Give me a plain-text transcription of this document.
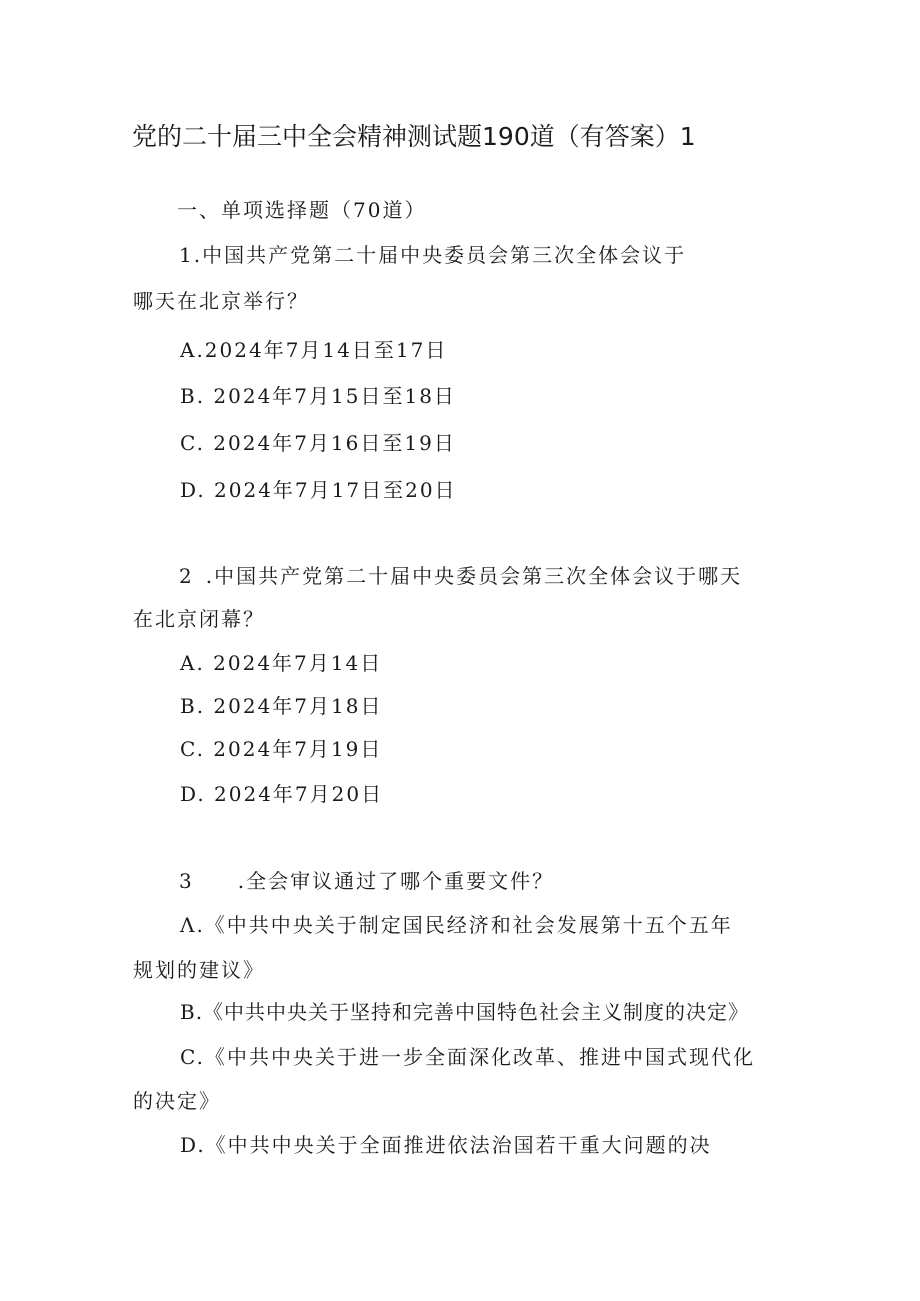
党的二十届三中全会精神测试题190道（有答案）1
一、单项选择题（70道）
1.中国共产党第二十届中央委员会第三次全体会议于
哪天在北京举行？
A.2024年7月14日至17日
B. 2024年7月15日至18日
C. 2024年7月16日至19日
D. 2024年7月17日至20日
2 .中国共产党第二十届中央委员会第三次全体会议于哪天
在北京闭幕？
A. 2024年7月14日
B. 2024年7月18日
C. 2024年7月19日
D. 2024年7月20日
3 .全会审议通过了哪个重要文件？
Λ.《中共中央关于制定国民经济和社会发展第十五个五年
规划的建议》
B.《中共中央关于坚持和完善中国特色社会主义制度的决定》
C.《中共中央关于进一步全面深化改革、推进中国式现代化
的决定》
D.《中共中央关于全面推进依法治国若干重大问题的决
